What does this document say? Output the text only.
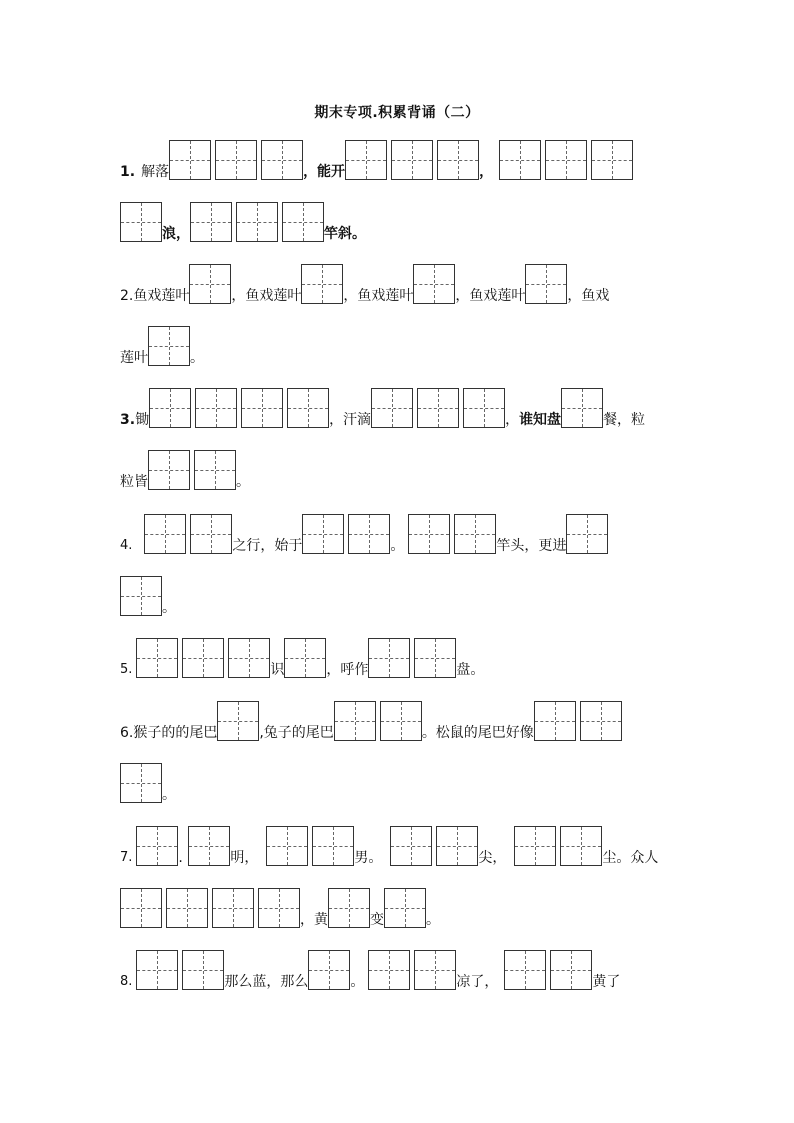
期末专项.积累背诵（二）
1. 解落	，能开	，
浪，	竿斜。
2. 鱼戏莲叶	，鱼戏莲叶	，鱼戏莲叶	，鱼戏莲叶	，鱼戏
莲叶	。
3. 锄	，汗滴	， 谁知盘	餐，粒
粒皆	。
4.	之行，始于	。	竿头，更进
。
5.	识	，呼作	盘。
6. 猴子的的尾巴	,兔子的尾巴	。松鼠的尾巴好像
。
7.	.	明，	男。	尖，	尘。众人
，黄	变	。
8.	那么蓝，那么	。	凉了，	黄了
